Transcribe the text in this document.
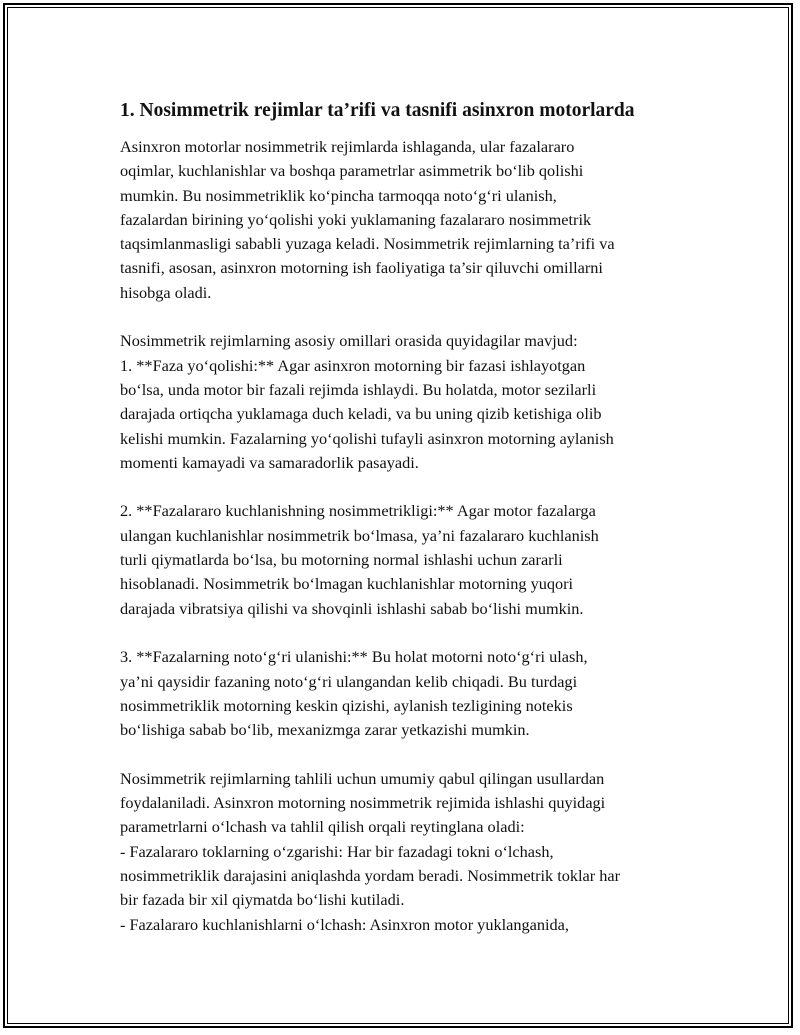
1. Nosimmetrik rejimlar ta’rifi va tasnifi asinxron motorlarda
Asinxron motorlar nosimmetrik rejimlarda ishlaganda, ular fazalararo
oqimlar, kuchlanishlar va boshqa parametrlar asimmetrik bo‘lib qolishi
mumkin. Bu nosimmetriklik ko‘pincha tarmoqqa noto‘g‘ri ulanish,
fazalardan birining yo‘qolishi yoki yuklamaning fazalararo nosimmetrik
taqsimlanmasligi sababli yuzaga keladi. Nosimmetrik rejimlarning ta’rifi va
tasnifi, asosan, asinxron motorning ish faoliyatiga ta’sir qiluvchi omillarni
hisobga oladi.
Nosimmetrik rejimlarning asosiy omillari orasida quyidagilar mavjud:
1. **Faza yo‘qolishi:** Agar asinxron motorning bir fazasi ishlayotgan
bo‘lsa, unda motor bir fazali rejimda ishlaydi. Bu holatda, motor sezilarli
darajada ortiqcha yuklamaga duch keladi, va bu uning qizib ketishiga olib
kelishi mumkin. Fazalarning yo‘qolishi tufayli asinxron motorning aylanish
momenti kamayadi va samaradorlik pasayadi.
2. **Fazalararo kuchlanishning nosimmetrikligi:** Agar motor fazalarga
ulangan kuchlanishlar nosimmetrik bo‘lmasa, ya’ni fazalararo kuchlanish
turli qiymatlarda bo‘lsa, bu motorning normal ishlashi uchun zararli
hisoblanadi. Nosimmetrik bo‘lmagan kuchlanishlar motorning yuqori
darajada vibratsiya qilishi va shovqinli ishlashi sabab bo‘lishi mumkin.
3. **Fazalarning noto‘g‘ri ulanishi:** Bu holat motorni noto‘g‘ri ulash,
ya’ni qaysidir fazaning noto‘g‘ri ulangandan kelib chiqadi. Bu turdagi
nosimmetriklik motorning keskin qizishi, aylanish tezligining notekis
bo‘lishiga sabab bo‘lib, mexanizmga zarar yetkazishi mumkin.
Nosimmetrik rejimlarning tahlili uchun umumiy qabul qilingan usullardan
foydalaniladi. Asinxron motorning nosimmetrik rejimida ishlashi quyidagi
parametrlarni o‘lchash va tahlil qilish orqali reytinglana oladi:
- Fazalararo toklarning o‘zgarishi: Har bir fazadagi tokni o‘lchash,
nosimmetriklik darajasini aniqlashda yordam beradi. Nosimmetrik toklar har
bir fazada bir xil qiymatda bo‘lishi kutiladi.
- Fazalararo kuchlanishlarni o‘lchash: Asinxron motor yuklanganida,
